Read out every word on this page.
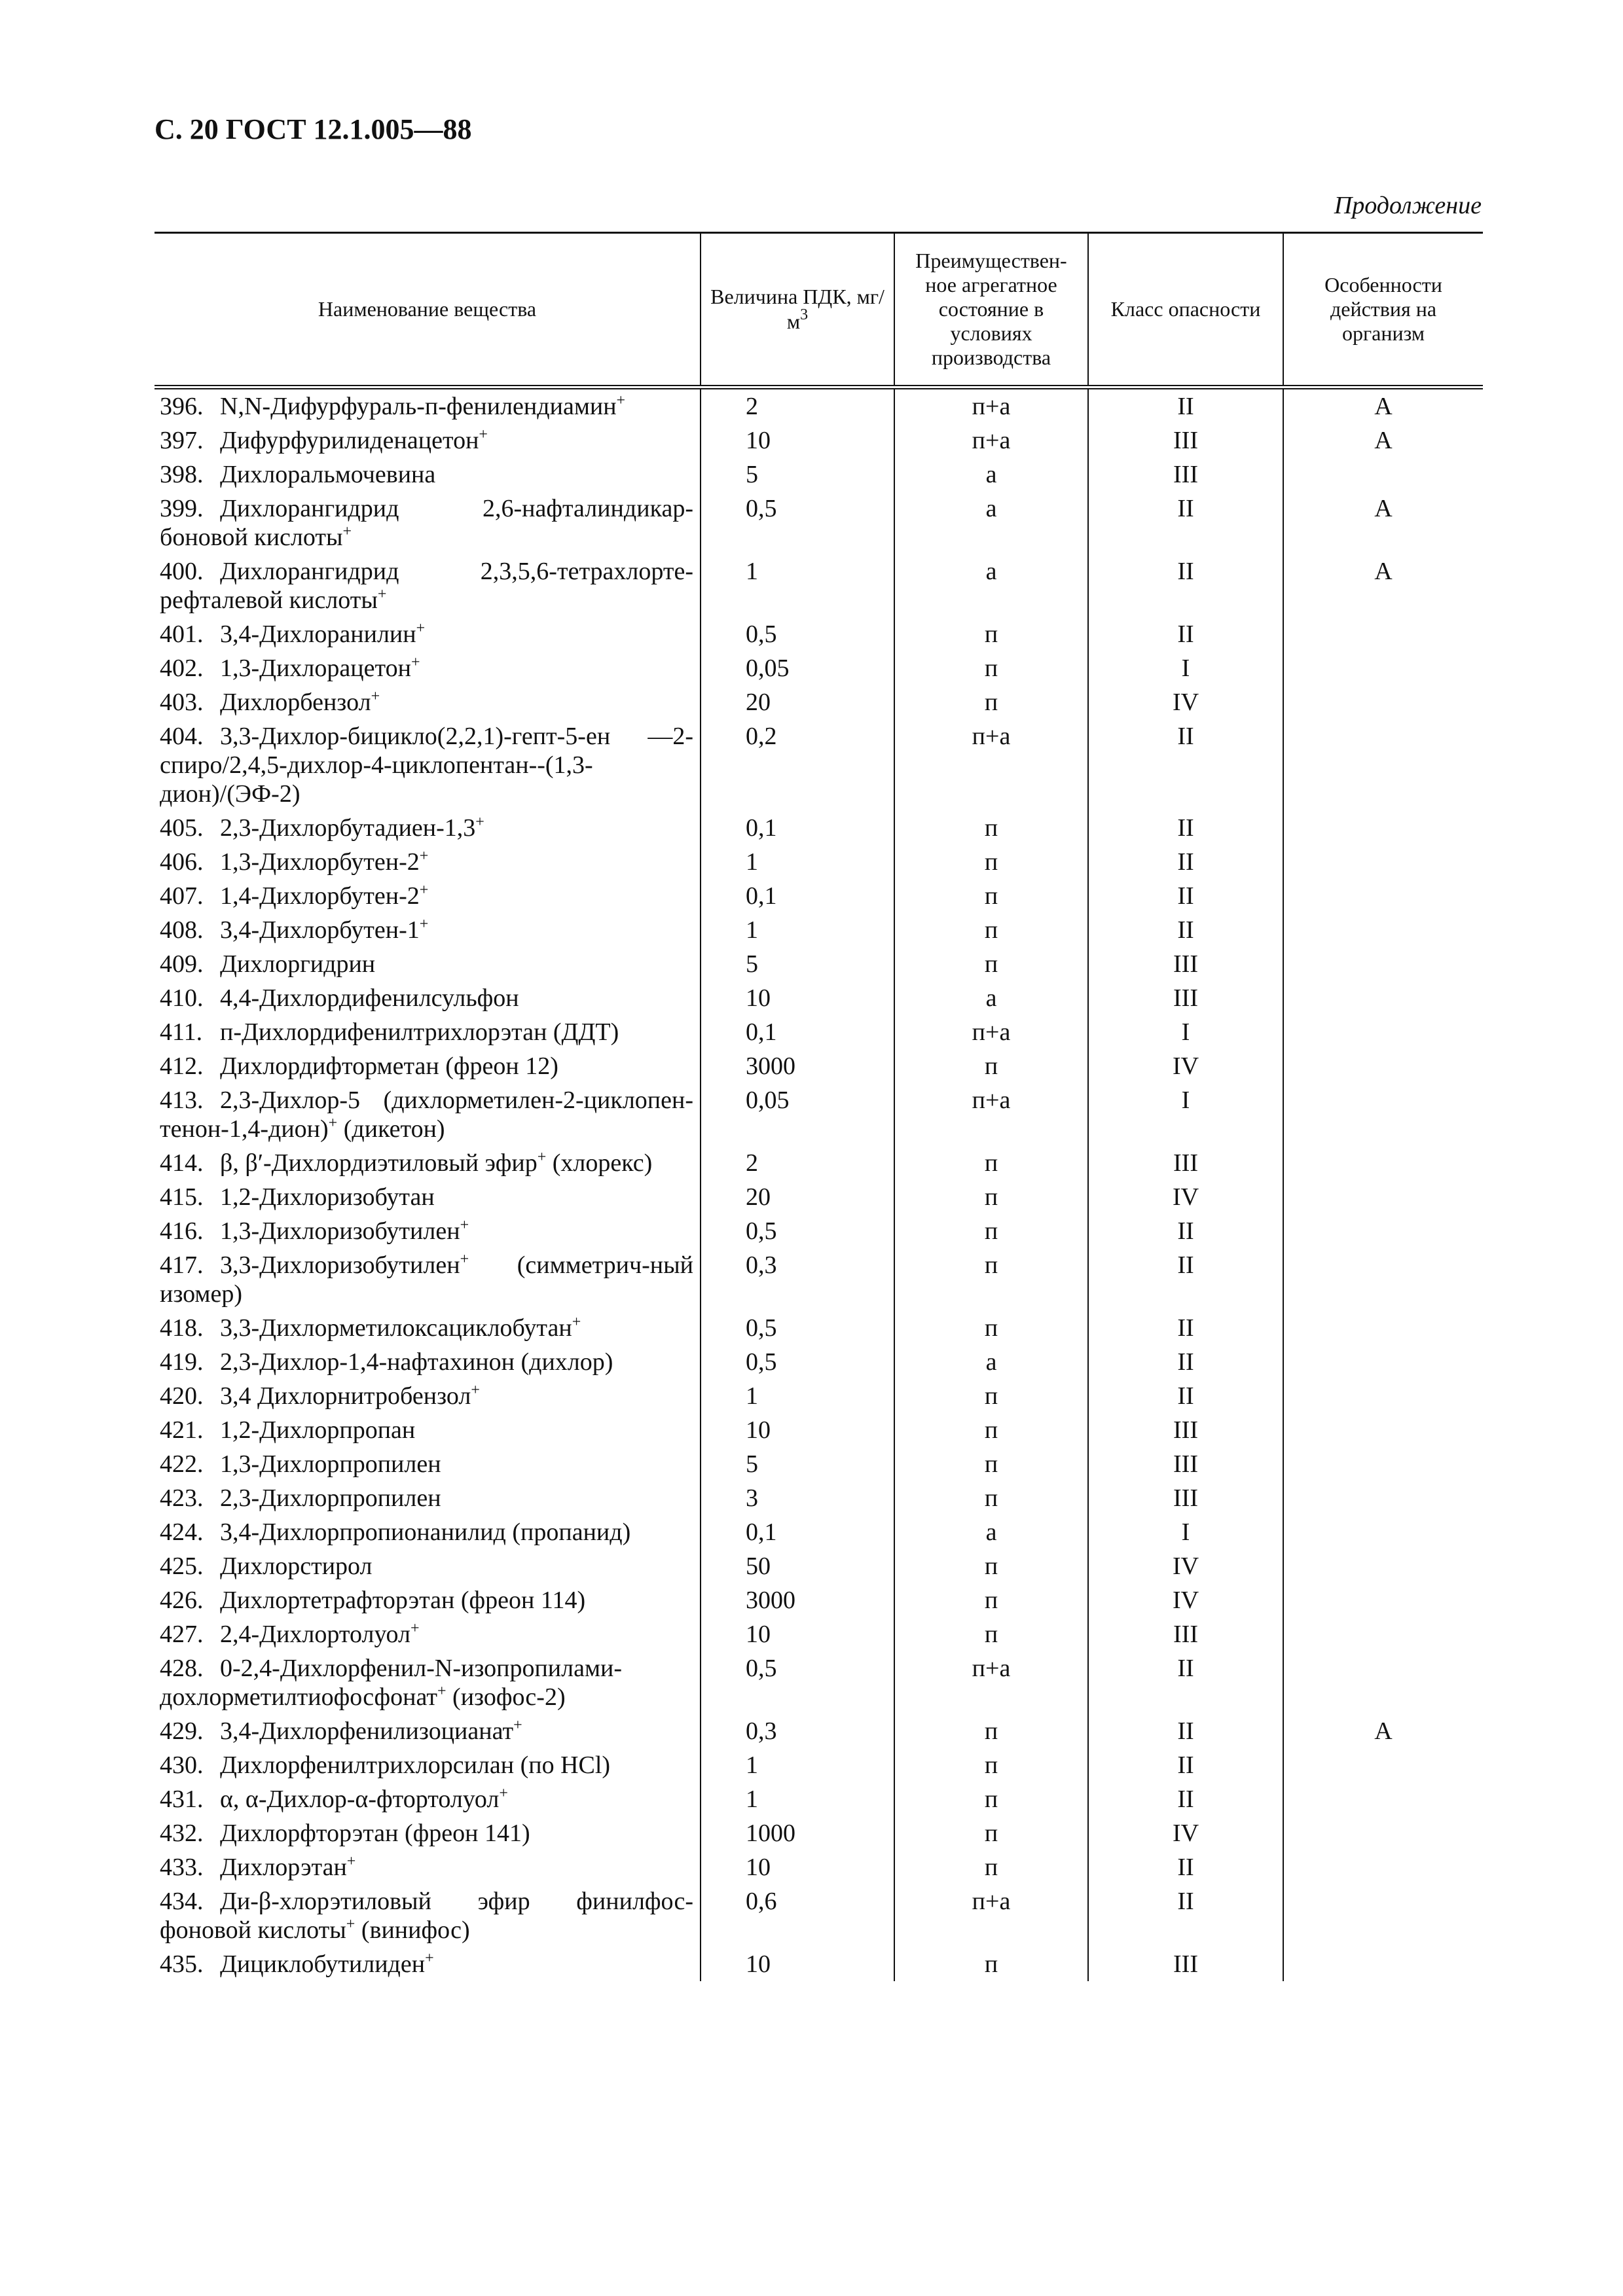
С. 20 ГОСТ 12.1.005—88
Продолжение
Наименование вещества	Величина ПДК, $мг/м^3$	Преимуществен-ное агрегатное состояние в условиях производства	Класс опасности	Особенности действия на организм
396. N,N-Дифурфураль-п-фенилендиамин+	2	п+а	II	А
397. Дифурфурилиденацетон+	10	п+а	III	А
398. Дихлоральмочевина	5	а	III	
399. Дихлорангидрид 2,6-нафталиндикар-боновой кислоты+	0,5	а	II	А
400. Дихлорангидрид 2,3,5,6-тетрахлорте-рефталевой кислоты+	1	а	II	А
401. 3,4-Дихлоранилин+	0,5	п	II	
402. 1,3-Дихлорацетон+	0,05	п	I	
403. Дихлорбензол+	20	п	IV	
404. 3,3-Дихлор-бицикло(2,2,1)-гепт-5-ен —2-спиро/2,4,5-дихлор-4-циклопентан--(1,3-дион)/(ЭФ-2)	0,2	п+а	II	
405. 2,3-Дихлорбутадиен-1,3+	0,1	п	II	
406. 1,3-Дихлорбутен-2+	1	п	II	
407. 1,4-Дихлорбутен-2+	0,1	п	II	
408. 3,4-Дихлорбутен-1+	1	п	II	
409. Дихлоргидрин	5	п	III	
410. 4,4-Дихлордифенилсульфон	10	а	III	
411. п-Дихлордифенилтрихлорэтан (ДДТ)	0,1	п+а	I	
412. Дихлордифторметан (фреон 12)	3000	п	IV	
413. 2,3-Дихлор-5 (дихлорметилен-2-циклопен-тенон-1,4-дион)+ (дикетон)	0,05	п+а	I	
414. β, β′-Дихлордиэтиловый эфир+ (хлорекс)	2	п	III	
415. 1,2-Дихлоризобутан	20	п	IV	
416. 1,3-Дихлоризобутилен+	0,5	п	II	
417. 3,3-Дихлоризобутилен+ (симметрич-ный изомер)	0,3	п	II	
418. 3,3-Дихлорметилоксациклобутан+	0,5	п	II	
419. 2,3-Дихлор-1,4-нафтахинон (дихлор)	0,5	а	II	
420. 3,4 Дихлорнитробензол+	1	п	II	
421. 1,2-Дихлорпропан	10	п	III	
422. 1,3-Дихлорпропилен	5	п	III	
423. 2,3-Дихлорпропилен	3	п	III	
424. 3,4-Дихлорпропионанилид (пропанид)	0,1	а	I	
425. Дихлорстирол	50	п	IV	
426. Дихлортетрафторэтан (фреон 114)	3000	п	IV	
427. 2,4-Дихлортолуол+	10	п	III	
428. 0-2,4-Дихлорфенил-N-изопропилами-дохлорметилтиофосфонат+ (изофос-2)	0,5	п+а	II	
429. 3,4-Дихлорфенилизоцианат+	0,3	п	II	А
430. Дихлорфенилтрихлорсилан (по HCl)	1	п	II	
431. α, α-Дихлор-α-фтортолуол+	1	п	II	
432. Дихлорфторэтан (фреон 141)	1000	п	IV	
433. Дихлорэтан+	10	п	II	
434. Ди-β-хлорэтиловый эфир финилфос-фоновой кислоты+ (винифос)	0,6	п+а	II	
435. Дициклобутилиден+	10	п	III	
